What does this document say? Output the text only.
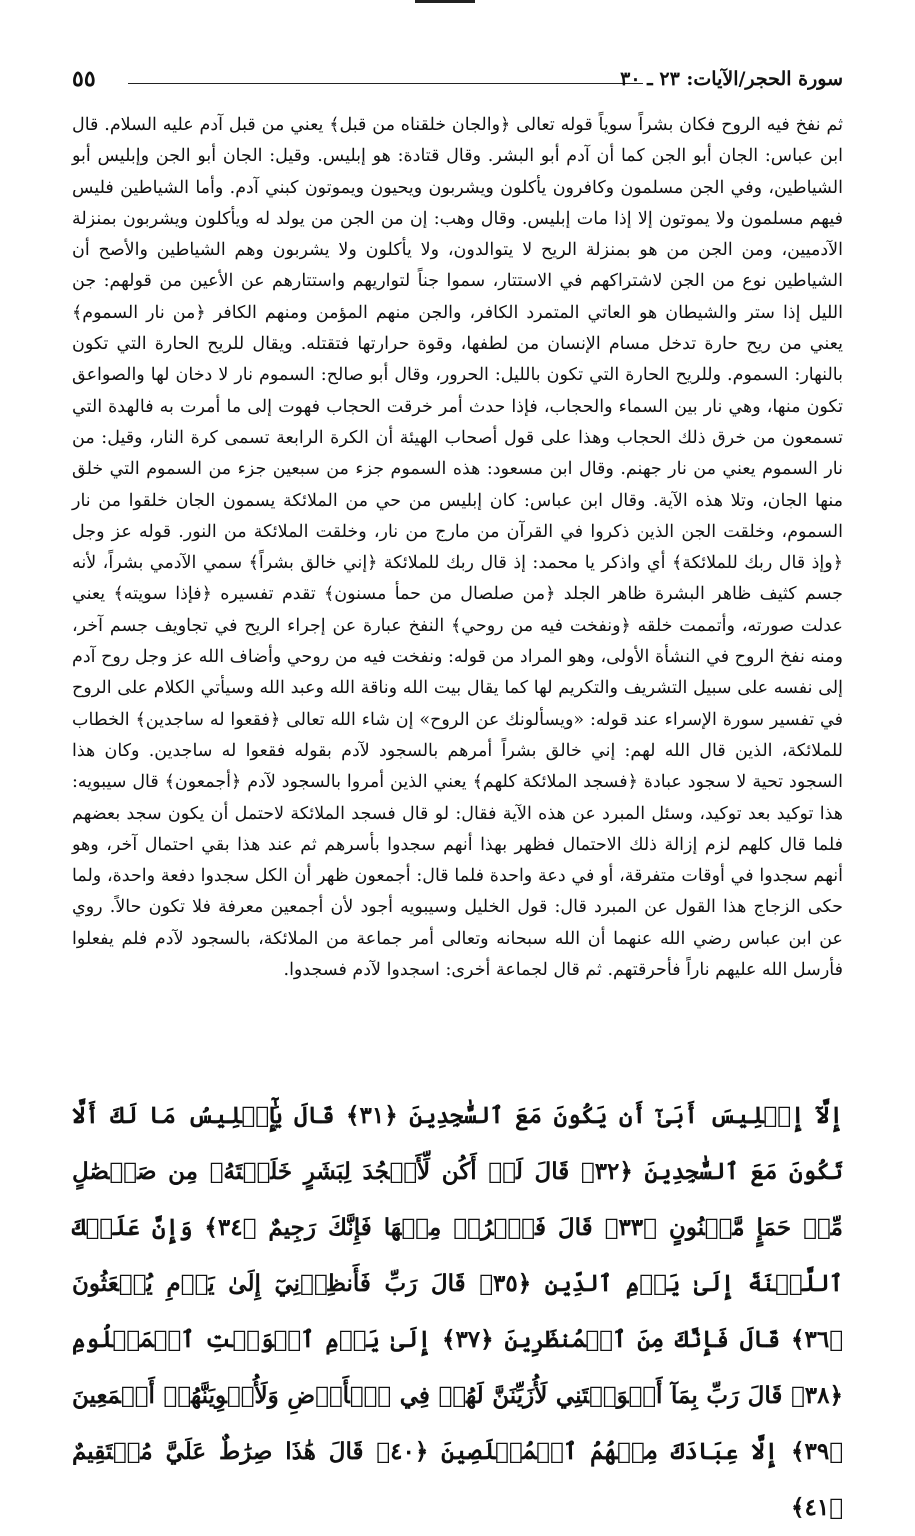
٥٥	سورة الحجر/الآيات: ٢٣ ـ ٣٠

ثم نفخ فيه الروح فكان بشراً سوياً قوله تعالى ﴿والجان خلقناه من قبل﴾ يعني من قبل آدم عليه السلام. قال ابن عباس: الجان أبو الجن كما أن آدم أبو البشر. وقال قتادة: هو إبليس. وقيل: الجان أبو الجن وإبليس أبو الشياطين، وفي الجن مسلمون وكافرون يأكلون ويشربون ويحيون ويموتون كبني آدم. وأما الشياطين فليس فيهم مسلمون ولا يموتون إلا إذا مات إبليس. وقال وهب: إن من الجن من يولد له ويأكلون ويشربون بمنزلة الآدميين، ومن الجن من هو بمنزلة الريح لا يتوالدون، ولا يأكلون ولا يشربون وهم الشياطين والأصح أن الشياطين نوع من الجن لاشتراكهم في الاستتار، سموا جناً لتواريهم واستتارهم عن الأعين من قولهم: جن الليل إذا ستر والشيطان هو العاتي المتمرد الكافر، والجن منهم المؤمن ومنهم الكافر ﴿من نار السموم﴾ يعني من ريح حارة تدخل مسام الإنسان من لطفها، وقوة حرارتها فتقتله. ويقال للريح الحارة التي تكون بالنهار: السموم. وللريح الحارة التي تكون بالليل: الحرور، وقال أبو صالح: السموم نار لا دخان لها والصواعق تكون منها، وهي نار بين السماء والحجاب، فإذا حدث أمر خرقت الحجاب فهوت إلى ما أمرت به فالهدة التي تسمعون من خرق ذلك الحجاب وهذا على قول أصحاب الهيئة أن الكرة الرابعة تسمى كرة النار، وقيل: من نار السموم يعني من نار جهنم. وقال ابن مسعود: هذه السموم جزء من سبعين جزء من السموم التي خلق منها الجان، وتلا هذه الآية. وقال ابن عباس: كان إبليس من حي من الملائكة يسمون الجان خلقوا من نار السموم، وخلقت الجن الذين ذكروا في القرآن من مارج من نار، وخلقت الملائكة من النور. قوله عز وجل ﴿وإذ قال ربك للملائكة﴾ أي واذكر يا محمد: إذ قال ربك للملائكة ﴿إني خالق بشراً﴾ سمي الآدمي بشراً، لأنه جسم كثيف ظاهر البشرة ظاهر الجلد ﴿من صلصال من حمأ مسنون﴾ تقدم تفسيره ﴿فإذا سويته﴾ يعني عدلت صورته، وأتممت خلقه ﴿ونفخت فيه من روحي﴾ النفخ عبارة عن إجراء الريح في تجاويف جسم آخر، ومنه نفخ الروح في النشأة الأولى، وهو المراد من قوله: ونفخت فيه من روحي وأضاف الله عز وجل روح آدم إلى نفسه على سبيل التشريف والتكريم لها كما يقال بيت الله وناقة الله وعبد الله وسيأتي الكلام على الروح في تفسير سورة الإسراء عند قوله: «ويسألونك عن الروح» إن شاء الله تعالى ﴿فقعوا له ساجدين﴾ الخطاب للملائكة، الذين قال الله لهم: إني خالق بشراً أمرهم بالسجود لآدم بقوله فقعوا له ساجدين. وكان هذا السجود تحية لا سجود عبادة ﴿فسجد الملائكة كلهم﴾ يعني الذين أمروا بالسجود لآدم ﴿أجمعون﴾ قال سيبويه: هذا توكيد بعد توكيد، وسئل المبرد عن هذه الآية فقال: لو قال فسجد الملائكة لاحتمل أن يكون سجد بعضهم فلما قال كلهم لزم إزالة ذلك الاحتمال فظهر بهذا أنهم سجدوا بأسرهم ثم عند هذا بقي احتمال آخر، وهو أنهم سجدوا في أوقات متفرقة، أو في دعة واحدة فلما قال: أجمعون ظهر أن الكل سجدوا دفعة واحدة، ولما حكى الزجاج هذا القول عن المبرد قال: قول الخليل وسيبويه أجود لأن أجمعين معرفة فلا تكون حالاً. روي عن ابن عباس رضي الله عنهما أن الله سبحانه وتعالى أمر جماعة من الملائكة، بالسجود لآدم فلم يفعلوا فأرسل الله عليهم ناراً فأحرقتهم. ثم قال لجماعة أخرى: اسجدوا لآدم فسجدوا.

إِلَّآ إِبۡلِيسَ أَبَىٰٓ أَن يَكُونَ مَعَ ٱلسَّٰجِدِينَ ﴿٣١﴾ قَالَ يَٰٓإِبۡلِيسُ مَا لَكَ أَلَّا تَكُونَ مَعَ ٱلسَّٰجِدِينَ ﴿٣٢﴾ قَالَ لَمۡ أَكُن لِّأَسۡجُدَ لِبَشَرٍ خَلَقۡتَهُۥ مِن صَلۡصَٰلٍ مِّنۡ حَمَإٍ مَّسۡنُونٍ ﴿٣٣﴾ قَالَ فَٱخۡرُجۡ مِنۡهَا فَإِنَّكَ رَجِيمٌ ﴿٣٤﴾ وَإِنَّ عَلَيۡكَ ٱللَّعۡنَةَ إِلَىٰ يَوۡمِ ٱلدِّينِ ﴿٣٥﴾ قَالَ رَبِّ فَأَنظِرۡنِيٓ إِلَىٰ يَوۡمِ يُبۡعَثُونَ ﴿٣٦﴾ قَالَ فَإِنَّكَ مِنَ ٱلۡمُنظَرِينَ ﴿٣٧﴾ إِلَىٰ يَوۡمِ ٱلۡوَقۡتِ ٱلۡمَعۡلُومِ ﴿٣٨﴾ قَالَ رَبِّ بِمَآ أَغۡوَيۡتَنِي لَأُزَيِّنَنَّ لَهُمۡ فِي ٱلۡأَرۡضِ وَلَأُغۡوِيَنَّهُمۡ أَجۡمَعِينَ ﴿٣٩﴾ إِلَّا عِبَادَكَ مِنۡهُمُ ٱلۡمُخۡلَصِينَ ﴿٤٠﴾ قَالَ هَٰذَا صِرَٰطٌ عَلَيَّ مُسۡتَقِيمٌ ﴿٤١﴾
